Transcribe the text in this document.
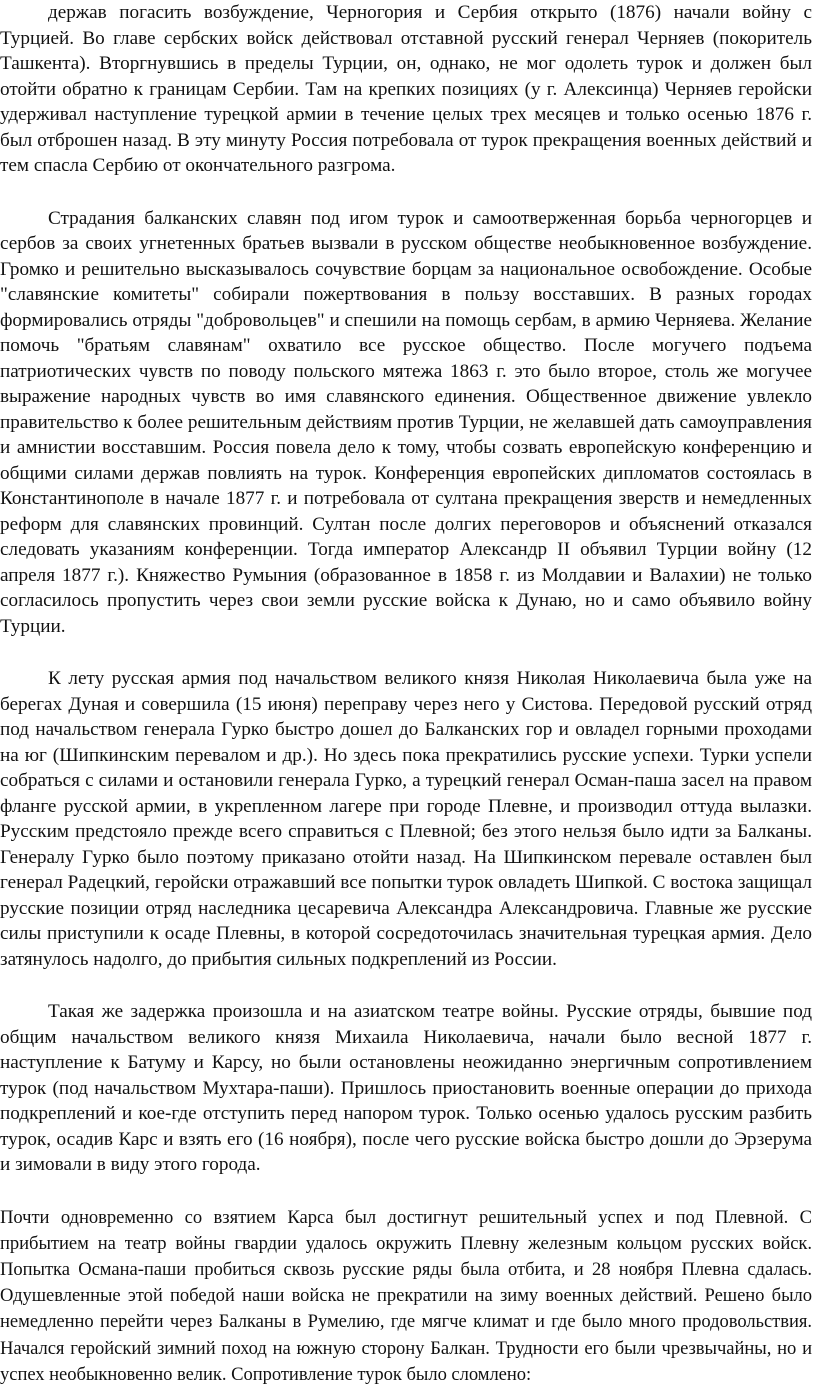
держав погасить возбуждение, Черногория и Сербия открыто (1876) начали войну с Турцией. Во главе сербских войск действовал отставной русский генерал Черняев (покоритель Ташкента). Вторгнувшись в пределы Турции, он, однако, не мог одолеть турок и должен был отойти обратно к границам Сербии. Там на крепких позициях (у г. Алексинца) Черняев геройски удерживал наступление турецкой армии в течение целых трех месяцев и только осенью 1876 г. был отброшен назад. В эту минуту Россия потребовала от турок прекращения военных действий и тем спасла Сербию от окончательного разгрома.

Страдания балканских славян под игом турок и самоотверженная борьба черногорцев и сербов за своих угнетенных братьев вызвали в русском обществе необыкновенное возбуждение. Громко и решительно высказывалось сочувствие борцам за национальное освобождение. Особые "славянские комитеты" собирали пожертвования в пользу восставших. В разных городах формировались отряды "добровольцев" и спешили на помощь сербам, в армию Черняева. Желание помочь "братьям славянам" охватило все русское общество. После могучего подъема патриотических чувств по поводу польского мятежа 1863 г. это было второе, столь же могучее выражение народных чувств во имя славянского единения. Общественное движение увлекло правительство к более решительным действиям против Турции, не желавшей дать самоуправления и амнистии восставшим. Россия повела дело к тому, чтобы созвать европейскую конференцию и общими силами держав повлиять на турок. Конференция европейских дипломатов состоялась в Константинополе в начале 1877 г. и потребовала от султана прекращения зверств и немедленных реформ для славянских провинций. Султан после долгих переговоров и объяснений отказался следовать указаниям конференции. Тогда император Александр II объявил Турции войну (12 апреля 1877 г.). Княжество Румыния (образованное в 1858 г. из Молдавии и Валахии) не только согласилось пропустить через свои земли русские войска к Дунаю, но и само объявило войну Турции.

К лету русская армия под начальством великого князя Николая Николаевича была уже на берегах Дуная и совершила (15 июня) переправу через него у Систова. Передовой русский отряд под начальством генерала Гурко быстро дошел до Балканских гор и овладел горными проходами на юг (Шипкинским перевалом и др.). Но здесь пока прекратились русские успехи. Турки успели собраться с силами и остановили генерала Гурко, а турецкий генерал Осман-паша засел на правом фланге русской армии, в укрепленном лагере при городе Плевне, и производил оттуда вылазки. Русским предстояло прежде всего справиться с Плевной; без этого нельзя было идти за Балканы. Генералу Гурко было поэтому приказано отойти назад. На Шипкинском перевале оставлен был генерал Радецкий, геройски отражавший все попытки турок овладеть Шипкой. С востока защищал русские позиции отряд наследника цесаревича Александра Александровича. Главные же русские силы приступили к осаде Плевны, в которой сосредоточилась значительная турецкая армия. Дело затянулось надолго, до прибытия сильных подкреплений из России.

Такая же задержка произошла и на азиатском театре войны. Русские отряды, бывшие под общим начальством великого князя Михаила Николаевича, начали было весной 1877 г. наступление к Батуму и Карсу, но были остановлены неожиданно энергичным сопротивлением турок (под начальством Мухтара-паши). Пришлось приостановить военные операции до прихода подкреплений и кое-где отступить перед напором турок. Только осенью удалось русским разбить турок, осадив Карс и взять его (16 ноября), после чего русские войска быстро дошли до Эрзерума и зимовали в виду этого города.

Почти одновременно со взятием Карса был достигнут решительный успех и под Плевной. С прибытием на театр войны гвардии удалось окружить Плевну железным кольцом русских войск. Попытка Османа-паши пробиться сквозь русские ряды была отбита, и 28 ноября Плевна сдалась. Одушевленные этой победой наши войска не прекратили на зиму военных действий. Решено было немедленно перейти через Балканы в Румелию, где мягче климат и где было много продовольствия. Начался геройский зимний поход на южную сторону Балкан. Трудности его были чрезвычайны, но и успех необыкновенно велик. Сопротивление турок было сломлено:
